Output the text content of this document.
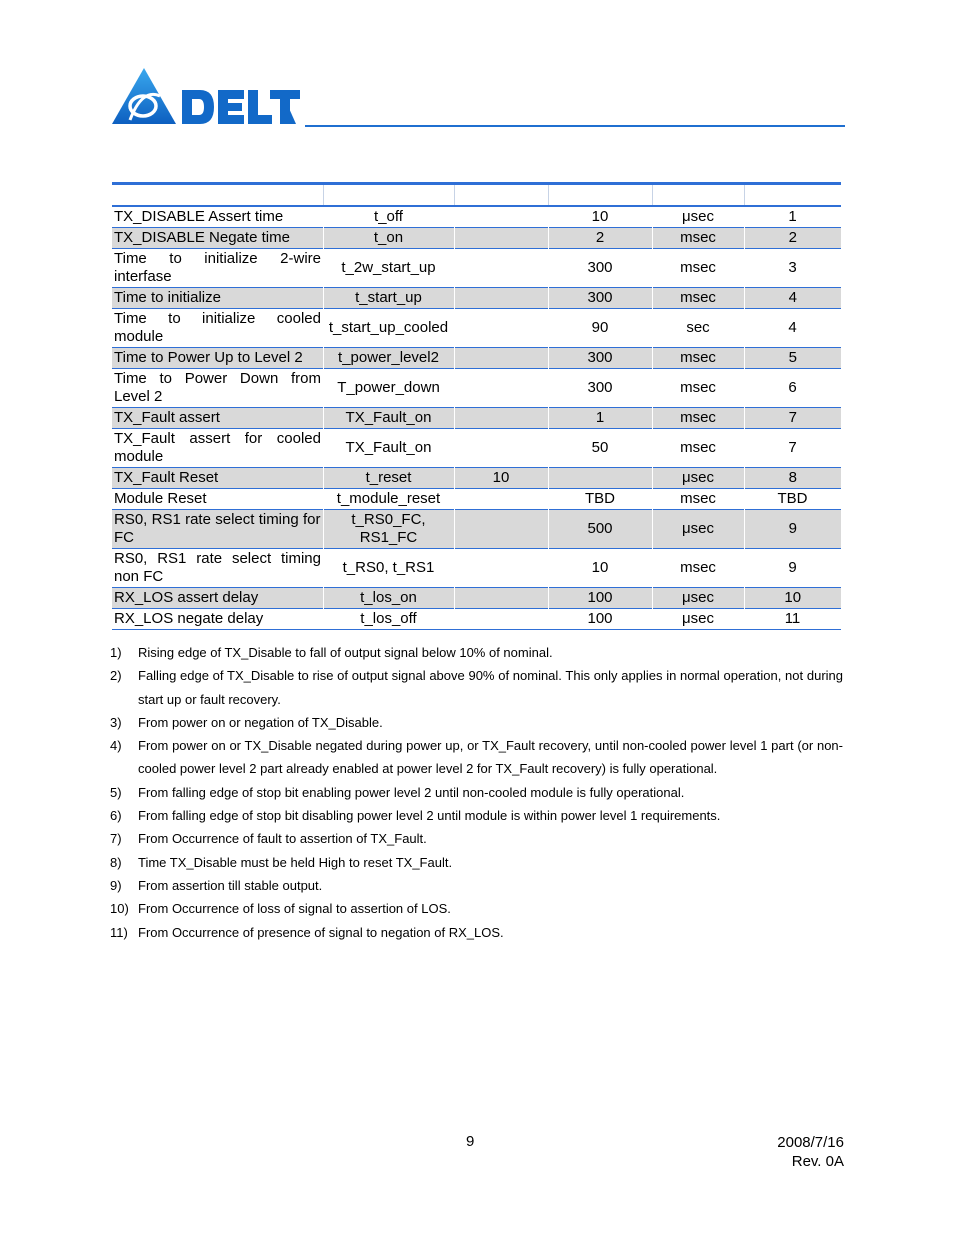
TX_DISABLE Assert time	t_off		10	μsec	1
TX_DISABLE Negate time	t_on		2	msec	2
Time to initialize 2-wire interfase	t_2w_start_up		300	msec	3
Time to initialize	t_start_up		300	msec	4
Time to initialize cooled module	t_start_up_cooled		90	sec	4
Time to Power Up to Level 2	t_power_level2		300	msec	5
Time to Power Down from Level 2	T_power_down		300	msec	6
TX_Fault assert	TX_Fault_on		1	msec	7
TX_Fault assert for cooled module	TX_Fault_on		50	msec	7
TX_Fault Reset	t_reset	10		μsec	8
Module Reset	t_module_reset		TBD	msec	TBD
RS0, RS1 rate select timing for FC	t_RS0_FC, RS1_FC		500	μsec	9
RS0, RS1 rate select timing non FC	t_RS0, t_RS1		10	msec	9
RX_LOS assert delay	t_los_on		100	μsec	10
RX_LOS negate delay	t_los_off		100	μsec	11
1) Rising edge of TX_Disable to fall of output signal below 10% of nominal.
2) Falling edge of TX_Disable to rise of output signal above 90% of nominal. This only applies in normal operation, not during start up or fault recovery.
3) From power on or negation of TX_Disable.
4) From power on or TX_Disable negated during power up, or TX_Fault recovery, until non-cooled power level 1 part (or non-cooled power level 2 part already enabled at power level 2 for TX_Fault recovery) is fully operational.
5) From falling edge of stop bit enabling power level 2 until non-cooled module is fully operational.
6) From falling edge of stop bit disabling power level 2 until module is within power level 1 requirements.
7) From Occurrence of fault to assertion of TX_Fault.
8) Time TX_Disable must be held High to reset TX_Fault.
9) From assertion till stable output.
10) From Occurrence of loss of signal to assertion of LOS.
11) From Occurrence of presence of signal to negation of RX_LOS.
9	2008/7/16
Rev. 0A
